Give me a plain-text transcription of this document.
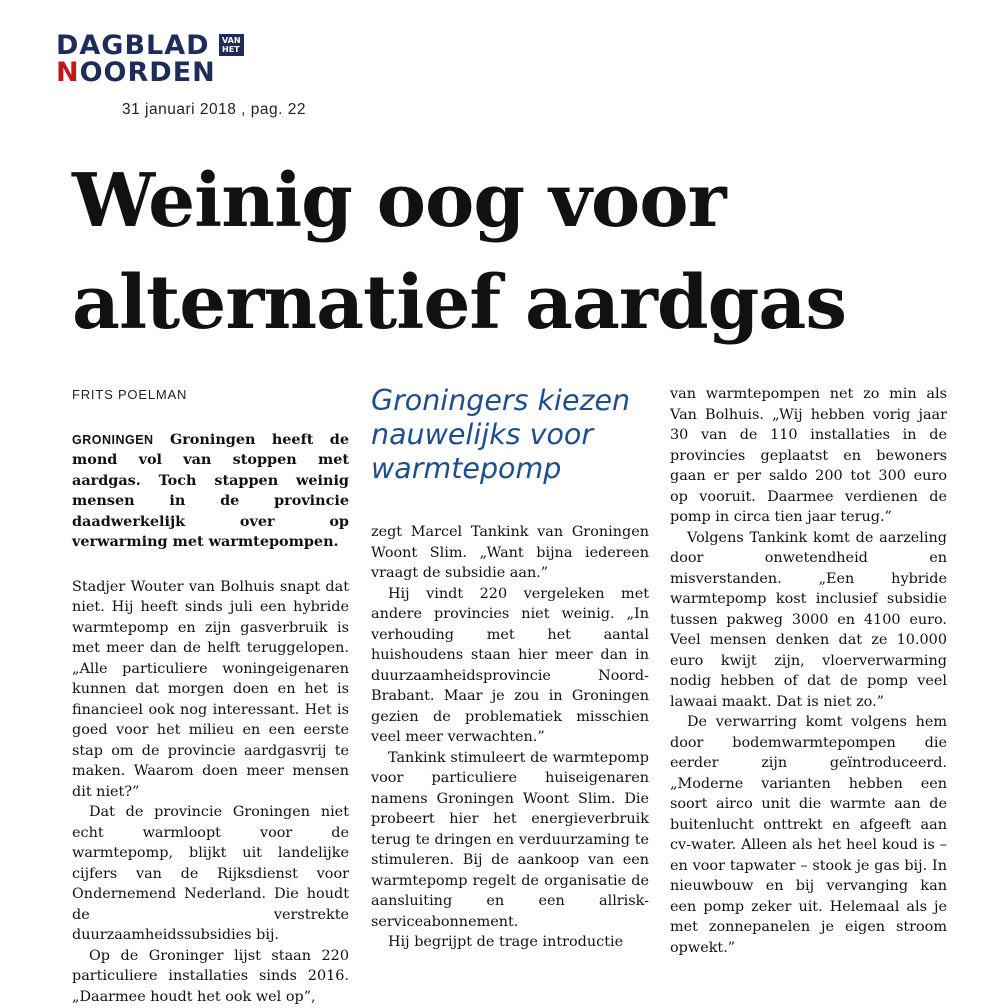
DAGBLAD
NOORDEN
VAN
HET
31 januari 2018 , pag. 22
Weinig oog voor alternatief aardgas
FRITS POELMAN

GRONINGEN Groningen heeft de mond vol van stoppen met aardgas. Toch stappen weinig mensen in de provincie daadwerkelijk over op verwarming met warmtepompen.

Stadjer Wouter van Bolhuis snapt dat niet. Hij heeft sinds juli een hybride warmtepomp en zijn gasverbruik is met meer dan de helft teruggelopen. „Alle particuliere woningeigenaren kunnen dat morgen doen en het is financieel ook nog interessant. Het is goed voor het milieu en een eerste stap om de provincie aardgasvrij te maken. Waarom doen meer mensen dit niet?”

Dat de provincie Groningen niet echt warmloopt voor de warmtepomp, blijkt uit landelijke cijfers van de Rijksdienst voor Ondernemend Nederland. Die houdt de verstrekte duurzaamheidssubsidies bij.

Op de Groninger lijst staan 220 particuliere installaties sinds 2016. „Daarmee houdt het ook wel op”,

Groningers kiezen nauwelijks voor warmtepomp

zegt Marcel Tankink van Groningen Woont Slim. „Want bijna iedereen vraagt de subsidie aan.”

Hij vindt 220 vergeleken met andere provincies niet weinig. „In verhouding met het aantal huishoudens staan hier meer dan in duurzaamheidsprovincie Noord-Brabant. Maar je zou in Groningen gezien de problematiek misschien veel meer verwachten.”

Tankink stimuleert de warmtepomp voor particuliere huiseigenaren namens Groningen Woont Slim. Die probeert hier het energieverbruik terug te dringen en verduurzaming te stimuleren. Bij de aankoop van een warmtepomp regelt de organisatie de aansluiting en een allrisk-serviceabonnement.

Hij begrijpt de trage introductie

van warmtepompen net zo min als Van Bolhuis. „Wij hebben vorig jaar 30 van de 110 installaties in de provincies geplaatst en bewoners gaan er per saldo 200 tot 300 euro op vooruit. Daarmee verdienen de pomp in circa tien jaar terug.”

Volgens Tankink komt de aarzeling door onwetendheid en misverstanden. „Een hybride warmtepomp kost inclusief subsidie tussen pakweg 3000 en 4100 euro. Veel mensen denken dat ze 10.000 euro kwijt zijn, vloerverwarming nodig hebben of dat de pomp veel lawaai maakt. Dat is niet zo.”

De verwarring komt volgens hem door bodemwarmtepompen die eerder zijn geïntroduceerd. „Moderne varianten hebben een soort airco unit die warmte aan de buitenlucht onttrekt en afgeeft aan cv-water. Alleen als het heel koud is – en voor tapwater – stook je gas bij. In nieuwbouw en bij vervanging kan een pomp zeker uit. Helemaal als je met zonnepanelen je eigen stroom opwekt.”
